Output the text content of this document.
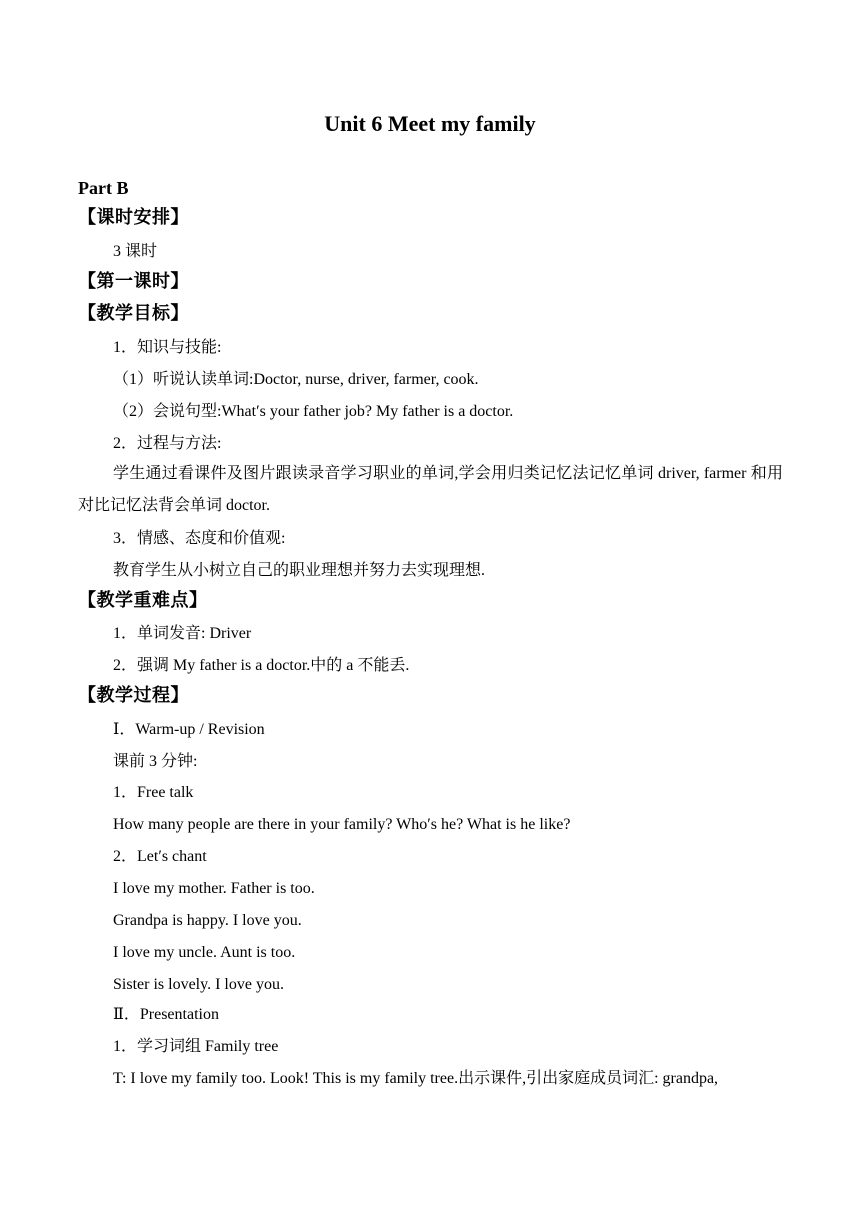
Unit 6 Meet my family
Part B
【课时安排】
3 课时
【第一课时】
【教学目标】
1．知识与技能:
（1）听说认读单词:Doctor, nurse, driver, farmer, cook.
（2）会说句型:What′s your father job? My father is a doctor.
2．过程与方法:
学生通过看课件及图片跟读录音学习职业的单词,学会用归类记忆法记忆单词 driver, farmer 和用对比记忆法背会单词 doctor.
3．情感、态度和价值观:
教育学生从小树立自己的职业理想并努力去实现理想.
【教学重难点】
1．单词发音: Driver
2．强调 My father is a doctor.中的 a 不能丢.
【教学过程】
Ⅰ．Warm-up / Revision
课前 3 分钟:
1．Free talk
How many people are there in your family? Who′s he? What is he like?
2．Let′s chant
I love my mother. Father is too.
Grandpa is happy. I love you.
I love my uncle. Aunt is too.
Sister is lovely. I love you.
Ⅱ．Presentation
1．学习词组 Family tree
T: I love my family too. Look! This is my family tree.出示课件,引出家庭成员词汇: grandpa,
